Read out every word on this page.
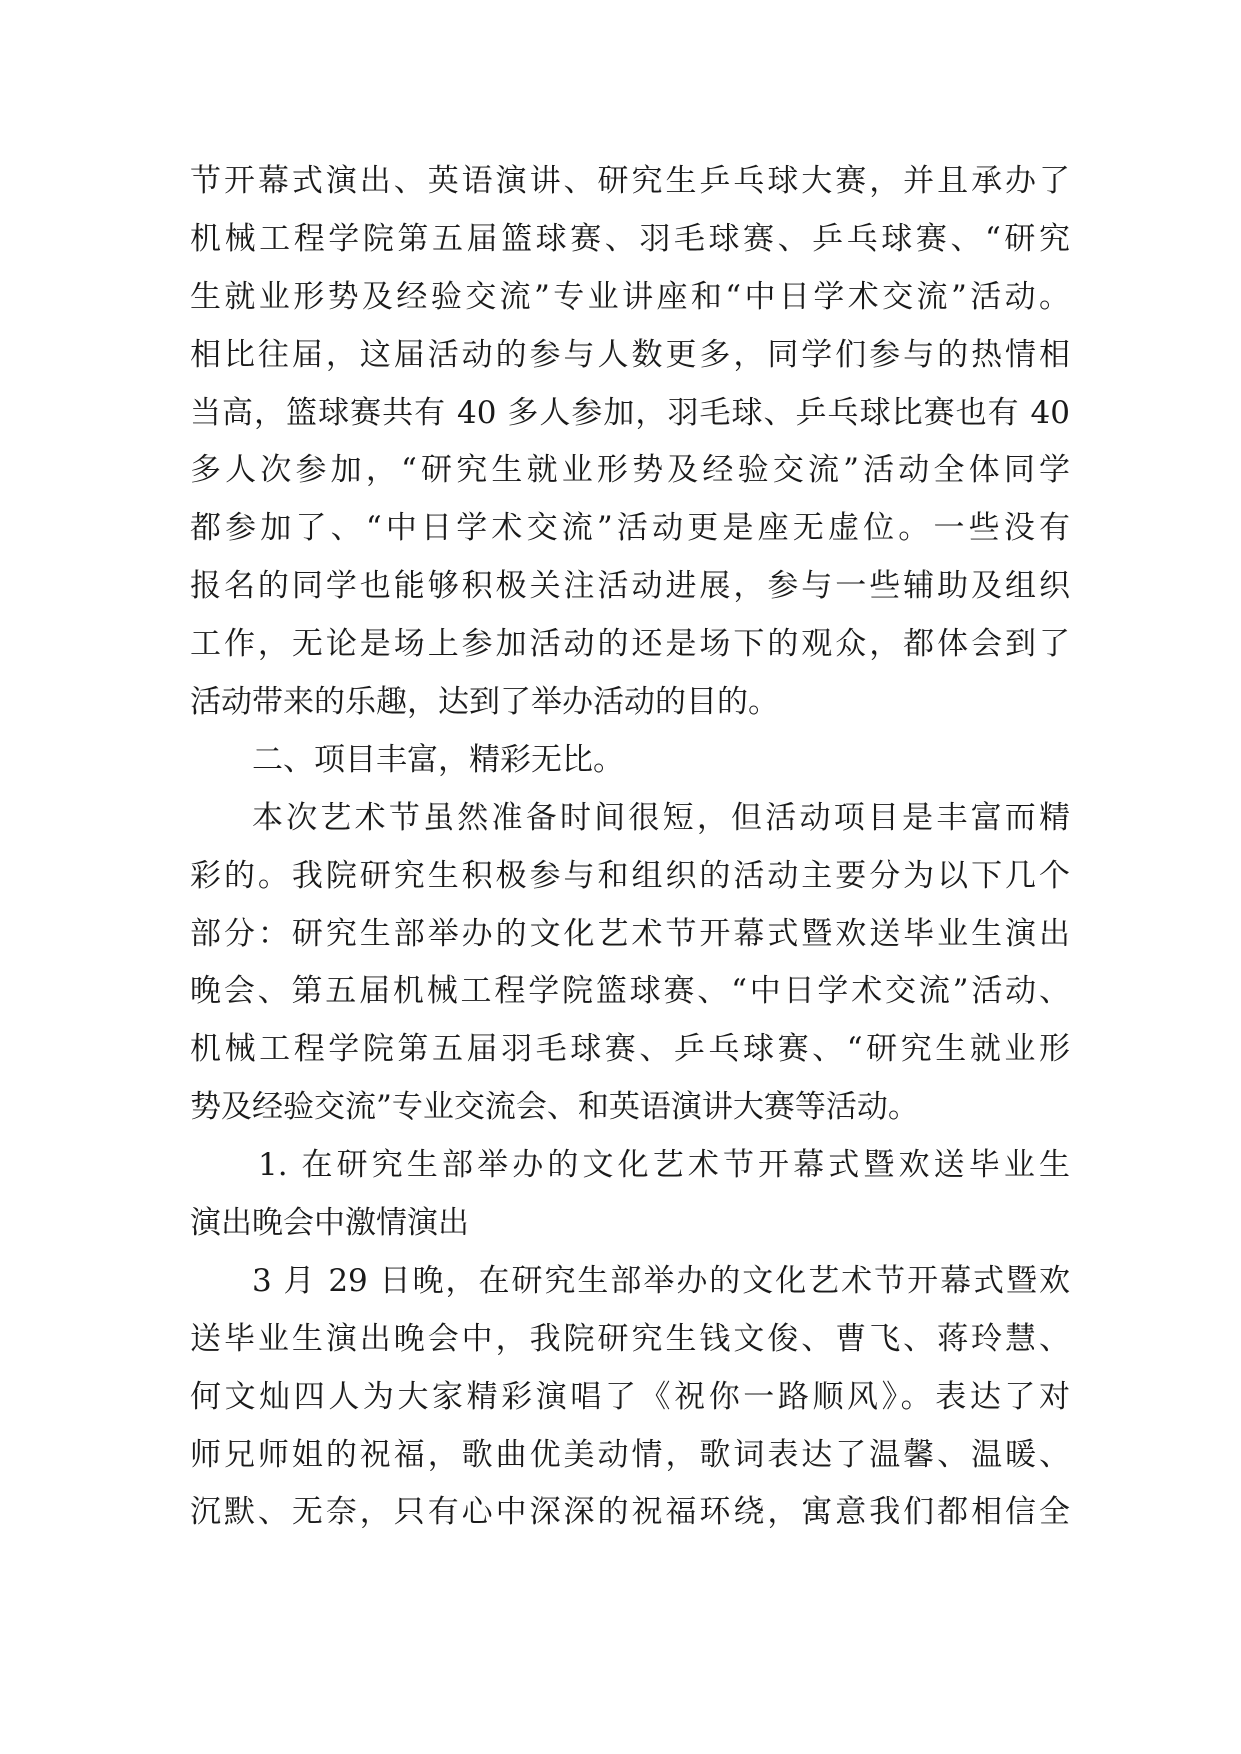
节开幕式演出、英语演讲、研究生乒乓球大赛，并且承办了
机械工程学院第五届篮球赛、羽毛球赛、乒乓球赛、“研究
生就业形势及经验交流”专业讲座和“中日学术交流”活动。
相比往届，这届活动的参与人数更多，同学们参与的热情相
当高，篮球赛共有 40 多人参加，羽毛球、乒乓球比赛也有 40
多人次参加，“研究生就业形势及经验交流”活动全体同学
都参加了、“中日学术交流”活动更是座无虚位。一些没有
报名的同学也能够积极关注活动进展，参与一些辅助及组织
工作，无论是场上参加活动的还是场下的观众，都体会到了
活动带来的乐趣，达到了举办活动的目的。
二、项目丰富，精彩无比。
本次艺术节虽然准备时间很短，但活动项目是丰富而精
彩的。我院研究生积极参与和组织的活动主要分为以下几个
部分：研究生部举办的文化艺术节开幕式暨欢送毕业生演出
晚会、第五届机械工程学院篮球赛、“中日学术交流”活动、
机械工程学院第五届羽毛球赛、乒乓球赛、“研究生就业形
势及经验交流”专业交流会、和英语演讲大赛等活动。
1. 在研究生部举办的文化艺术节开幕式暨欢送毕业生
演出晚会中激情演出
3 月 29 日晚，在研究生部举办的文化艺术节开幕式暨欢
送毕业生演出晚会中，我院研究生钱文俊、曹飞、蒋玲慧、
何文灿四人为大家精彩演唱了《祝你一路顺风》。表达了对
师兄师姐的祝福，歌曲优美动情，歌词表达了温馨、温暖、
沉默、无奈，只有心中深深的祝福环绕，寓意我们都相信全
